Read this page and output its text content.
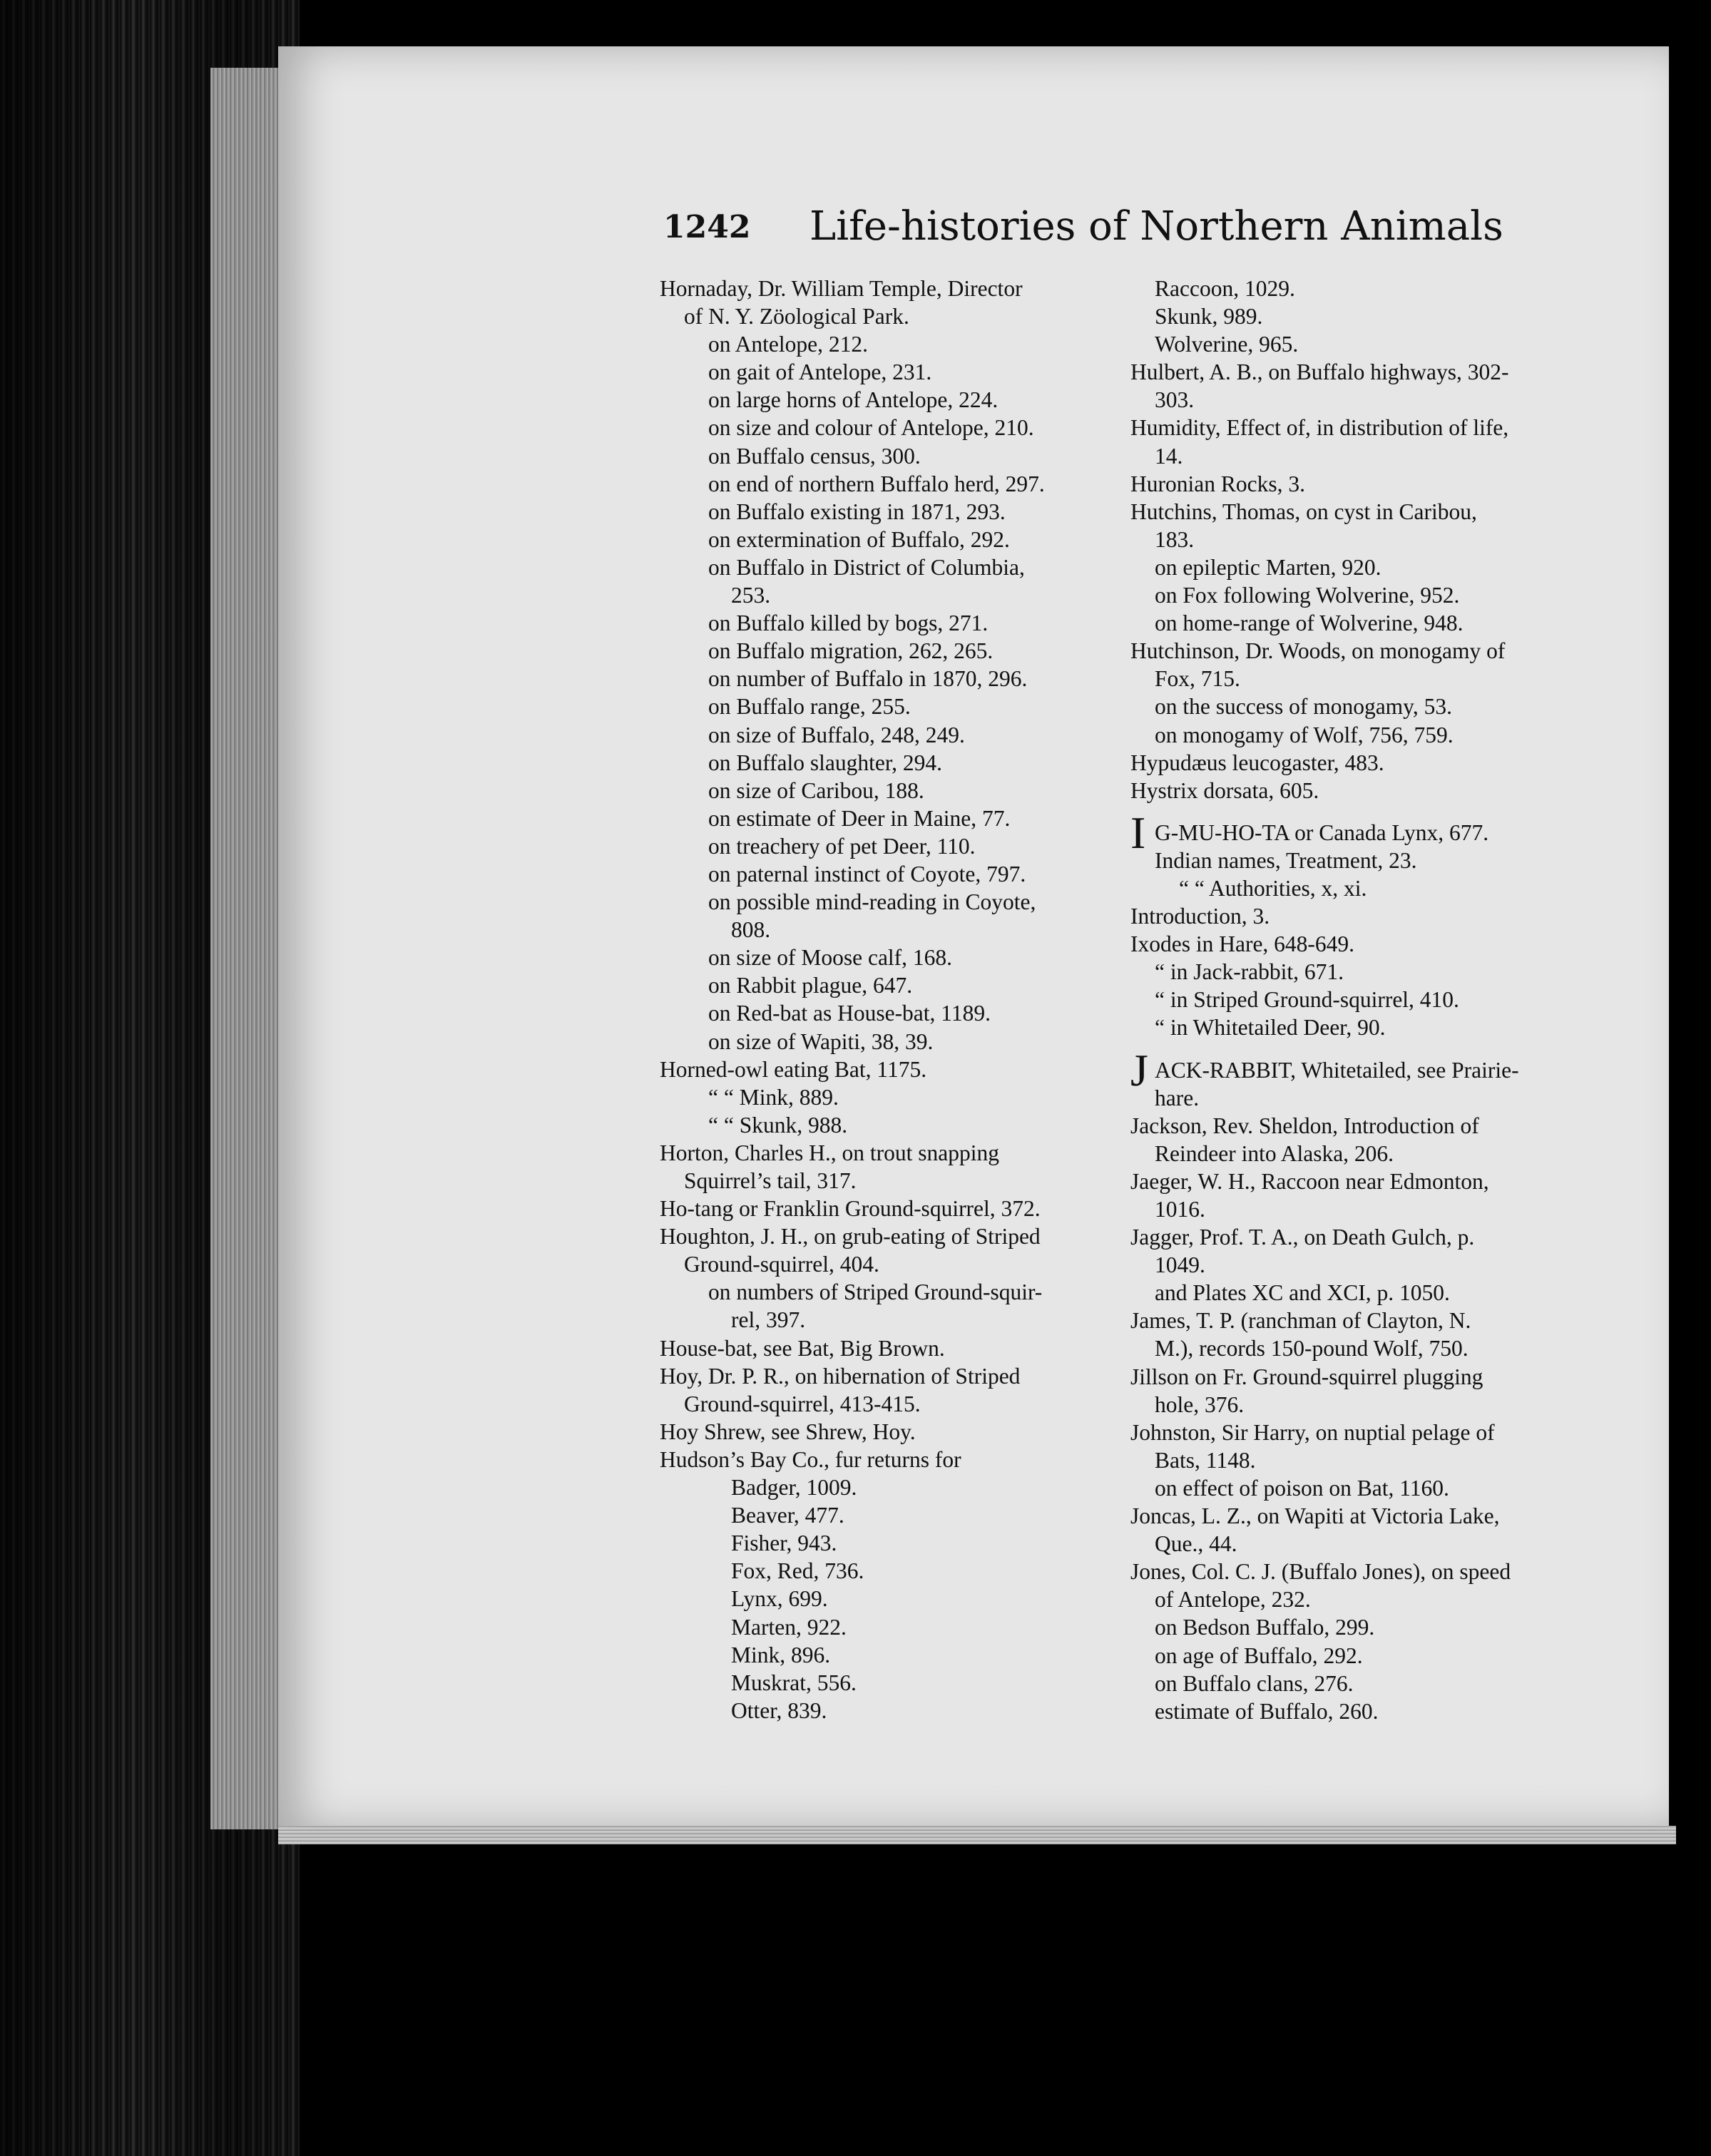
1242 Life-histories of Northern Animals
Hornaday, Dr. William Temple, Director
of N. Y. Zöological Park.
on Antelope, 212.
on gait of Antelope, 231.
on large horns of Antelope, 224.
on size and colour of Antelope, 210.
on Buffalo census, 300.
on end of northern Buffalo herd, 297.
on Buffalo existing in 1871, 293.
on extermination of Buffalo, 292.
on Buffalo in District of Columbia,
253.
on Buffalo killed by bogs, 271.
on Buffalo migration, 262, 265.
on number of Buffalo in 1870, 296.
on Buffalo range, 255.
on size of Buffalo, 248, 249.
on Buffalo slaughter, 294.
on size of Caribou, 188.
on estimate of Deer in Maine, 77.
on treachery of pet Deer, 110.
on paternal instinct of Coyote, 797.
on possible mind-reading in Coyote,
808.
on size of Moose calf, 168.
on Rabbit plague, 647.
on Red-bat as House-bat, 1189.
on size of Wapiti, 38, 39.
Horned-owl eating Bat, 1175.
“ “ Mink, 889.
“ “ Skunk, 988.
Horton, Charles H., on trout snapping
Squirrel’s tail, 317.
Ho-tang or Franklin Ground-squirrel, 372.
Houghton, J. H., on grub-eating of Striped
Ground-squirrel, 404.
on numbers of Striped Ground-squir-
rel, 397.
House-bat, see Bat, Big Brown.
Hoy, Dr. P. R., on hibernation of Striped
Ground-squirrel, 413-415.
Hoy Shrew, see Shrew, Hoy.
Hudson’s Bay Co., fur returns for
Badger, 1009.
Beaver, 477.
Fisher, 943.
Fox, Red, 736.
Lynx, 699.
Marten, 922.
Mink, 896.
Muskrat, 556.
Otter, 839.
Raccoon, 1029.
Skunk, 989.
Wolverine, 965.
Hulbert, A. B., on Buffalo highways, 302-
303.
Humidity, Effect of, in distribution of life,
14.
Huronian Rocks, 3.
Hutchins, Thomas, on cyst in Caribou,
183.
on epileptic Marten, 920.
on Fox following Wolverine, 952.
on home-range of Wolverine, 948.
Hutchinson, Dr. Woods, on monogamy of
Fox, 715.
on the success of monogamy, 53.
on monogamy of Wolf, 756, 759.
Hypudæus leucogaster, 483.
Hystrix dorsata, 605.
I G-MU-HO-TA or Canada Lynx, 677.
Indian names, Treatment, 23.
“ “ Authorities, x, xi.
Introduction, 3.
Ixodes in Hare, 648-649.
“ in Jack-rabbit, 671.
“ in Striped Ground-squirrel, 410.
“ in Whitetailed Deer, 90.
JACK-RABBIT, Whitetailed, see Prairie-
hare.
Jackson, Rev. Sheldon, Introduction of
Reindeer into Alaska, 206.
Jaeger, W. H., Raccoon near Edmonton,
1016.
Jagger, Prof. T. A., on Death Gulch, p.
1049.
and Plates XC and XCI, p. 1050.
James, T. P. (ranchman of Clayton, N.
M.), records 150-pound Wolf, 750.
Jillson on Fr. Ground-squirrel plugging
hole, 376.
Johnston, Sir Harry, on nuptial pelage of
Bats, 1148.
on effect of poison on Bat, 1160.
Joncas, L. Z., on Wapiti at Victoria Lake,
Que., 44.
Jones, Col. C. J. (Buffalo Jones), on speed
of Antelope, 232.
on Bedson Buffalo, 299.
on age of Buffalo, 292.
on Buffalo clans, 276.
estimate of Buffalo, 260.
